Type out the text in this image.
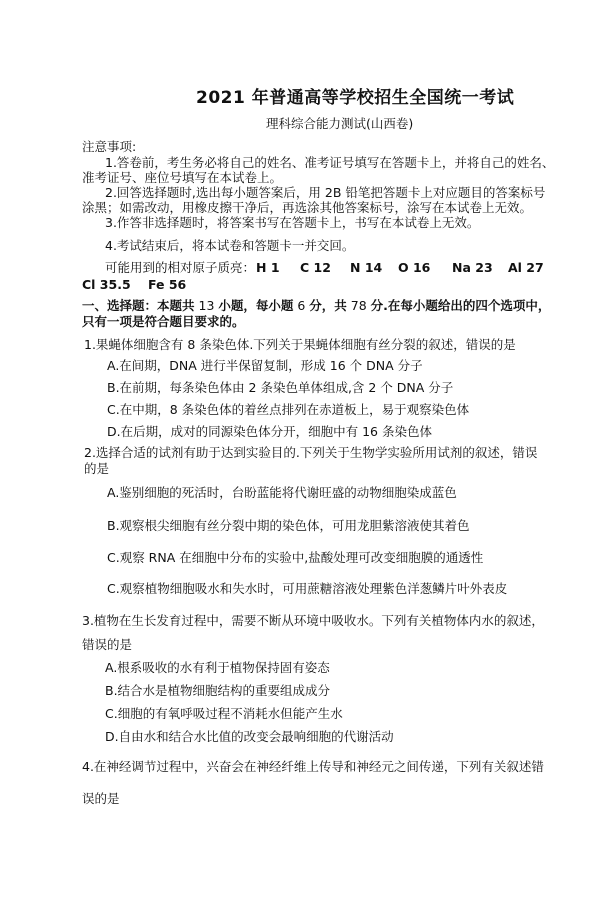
2021 年普通高等学校招生全国统一考试
理科综合能力测试(山西卷)
注意事项:
1.答卷前，考生务必将自己的姓名、准考证号填写在答题卡上，并将自己的姓名、
准考证号、座位号填写在本试卷上。
2.回答选择题时,选出每小题答案后，用 2B 铅笔把答题卡上对应题目的答案标号
涂黑；如需改动，用橡皮擦干净后，再选涂其他答案标号，涂写在本试卷上无效。
3.作答非选择题时，将答案书写在答题卡上，书写在本试卷上无效。
4.考试结束后，将本试卷和答题卡一并交回。
可能用到的相对原子质亮： H 1 C 12 N 14 O 16 Na 23 Al 27
Cl 35.5 Fe 56
一、选择题：本题共 13 小题，每小题 6 分，共 78 分.在每小题给出的四个选项中，
只有一项是符合题目要求的。
1.果蝇体细胞含有 8 条染色体.下列关于果蝇体细胞有丝分裂的叙述，错误的是
A.在间期，DNA 进行半保留复制，形成 16 个 DNA 分子
B.在前期，每条染色体由 2 条染色单体组成,含 2 个 DNA 分子
C.在中期，8 条染色体的着丝点排列在赤道板上，易于观察染色体
D.在后期，成对的同源染色体分开，细胞中有 16 条染色体
2.选择合适的试剂有助于达到实验目的.下列关于生物学实验所用试剂的叙述，错误
的是
A.鉴别细胞的死活时，台盼蓝能将代谢旺盛的动物细胞染成蓝色
B.观察根尖细胞有丝分裂中期的染色体，可用龙胆紫溶液使其着色
C.观察 RNA 在细胞中分布的实验中,盐酸处理可改变细胞膜的通透性
C.观察植物细胞吸水和失水时，可用蔗糖溶液处理紫色洋葱鳞片叶外表皮
3.植物在生长发育过程中，需要不断从环境中吸收水。下列有关植物体内水的叙述，
错误的是
A.根系吸收的水有利于植物保持固有姿态
B.结合水是植物细胞结构的重要组成成分
C.细胞的有氧呼吸过程不消耗水但能产生水
D.自由水和结合水比值的改变会最响细胞的代谢活动
4.在神经调节过程中，兴奋会在神经纤维上传导和神经元之间传递，下列有关叙述错
误的是
